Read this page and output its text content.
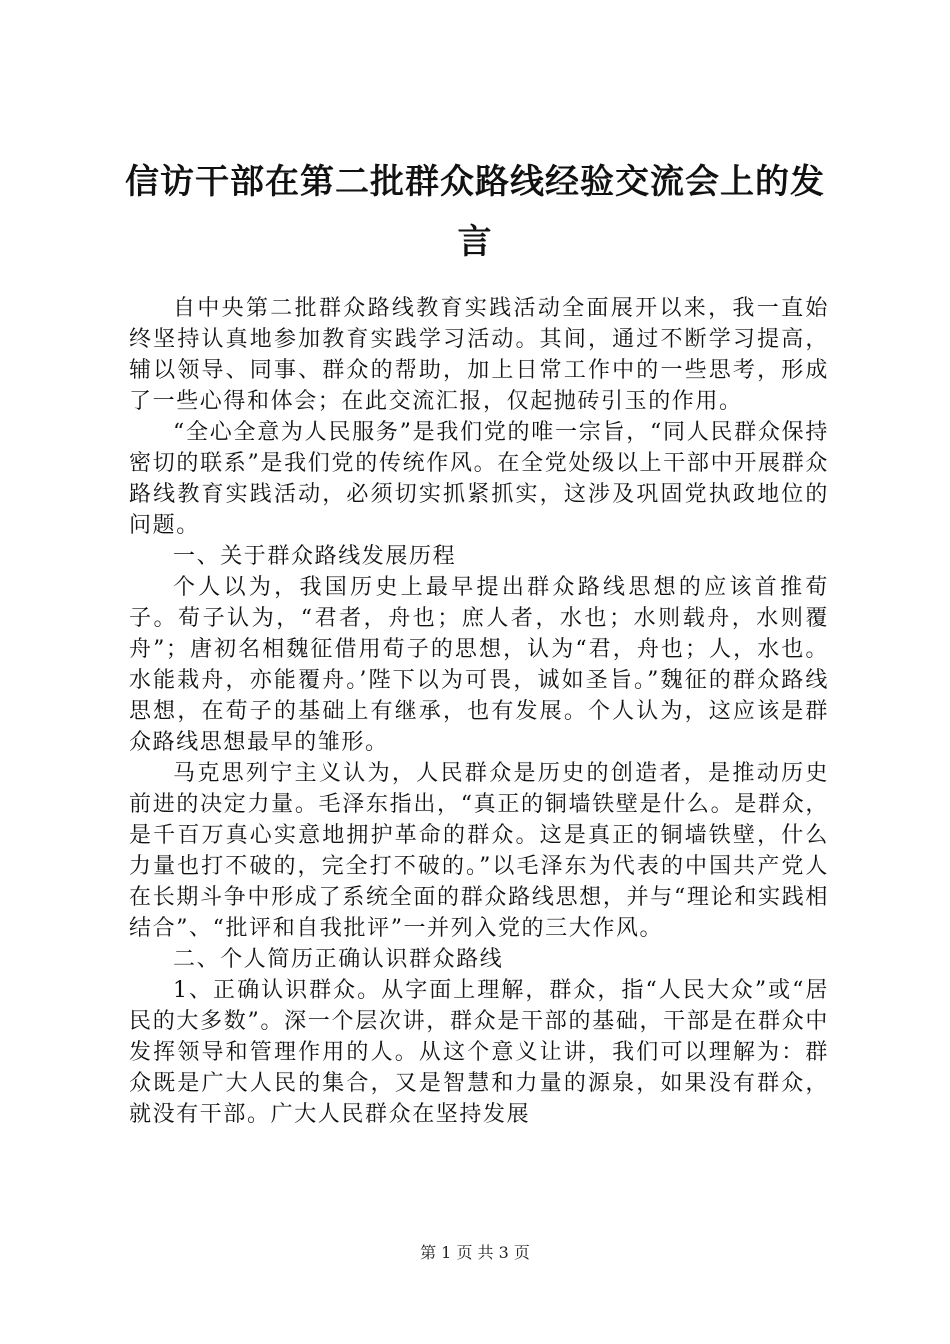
信访干部在第二批群众路线经验交流会上的发言

自中央第二批群众路线教育实践活动全面展开以来，我一直始终坚持认真地参加教育实践学习活动。其间，通过不断学习提高，辅以领导、同事、群众的帮助，加上日常工作中的一些思考，形成了一些心得和体会；在此交流汇报，仅起抛砖引玉的作用。

“全心全意为人民服务”是我们党的唯一宗旨，“同人民群众保持密切的联系”是我们党的传统作风。在全党处级以上干部中开展群众路线教育实践活动，必须切实抓紧抓实，这涉及巩固党执政地位的问题。

一、关于群众路线发展历程

个人以为，我国历史上最早提出群众路线思想的应该首推荀子。荀子认为，“君者，舟也；庶人者，水也；水则载舟，水则覆舟”；唐初名相魏征借用荀子的思想，认为“君，舟也；人，水也。水能栽舟，亦能覆舟。’陛下以为可畏，诚如圣旨。”魏征的群众路线思想，在荀子的基础上有继承，也有发展。个人认为，这应该是群众路线思想最早的雏形。

马克思列宁主义认为，人民群众是历史的创造者，是推动历史前进的决定力量。毛泽东指出，“真正的铜墙铁壁是什么。是群众，是千百万真心实意地拥护革命的群众。这是真正的铜墙铁壁，什么力量也打不破的，完全打不破的。”以毛泽东为代表的中国共产党人在长期斗争中形成了系统全面的群众路线思想，并与“理论和实践相结合”、“批评和自我批评”一并列入党的三大作风。

二、个人简历正确认识群众路线

1、正确认识群众。从字面上理解，群众，指“人民大众”或“居民的大多数”。深一个层次讲，群众是干部的基础，干部是在群众中发挥领导和管理作用的人。从这个意义让讲，我们可以理解为：群众既是广大人民的集合，又是智慧和力量的源泉，如果没有群众，就没有干部。广大人民群众在坚持发展

第 1 页 共 3 页
